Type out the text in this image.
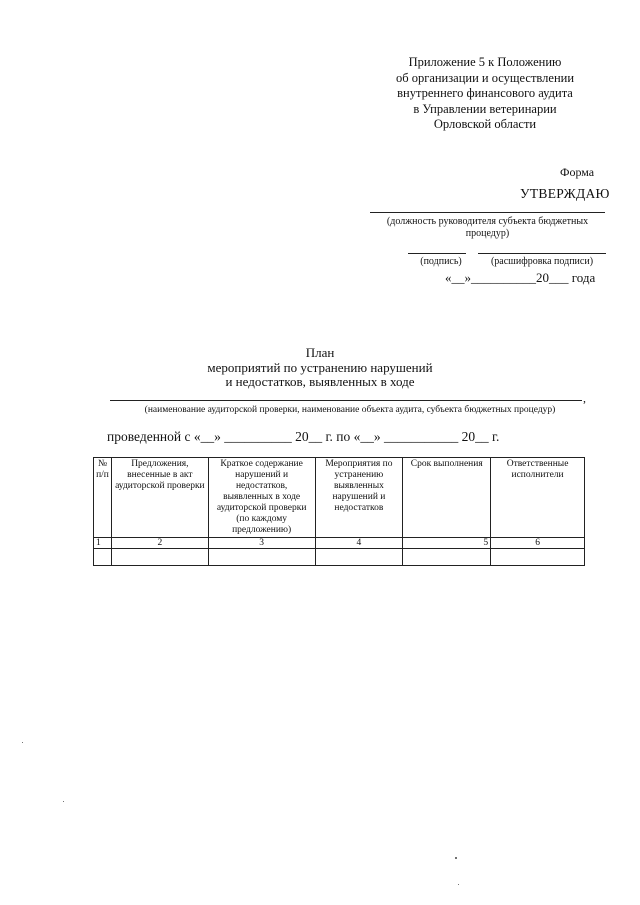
Приложение 5 к Положению
об организации и осуществлении
внутреннего финансового аудита
в Управлении ветеринарии
Орловской области
Форма
УТВЕРЖДАЮ
(должность руководителя субъекта бюджетных
процедур)
(подпись)	(расшифровка подписи)
«__»__________20___ года
План
мероприятий по устранению нарушений
и недостатков, выявленных в ходе
,
(наименование аудиторской проверки, наименование объекта аудита, субъекта бюджетных процедур)
проведенной с «__» __________ 20__ г. по «__» ___________ 20__ г.
№ п/п	Предложения, внесенные в акт аудиторской проверки	Краткое содержание нарушений и недостатков, выявленных в ходе аудиторской проверки (по каждому предложению)	Мероприятия по устранению выявленных нарушений и недостатков	Срок выполнения	Ответственные исполнители
1	2	3	4	5	6
